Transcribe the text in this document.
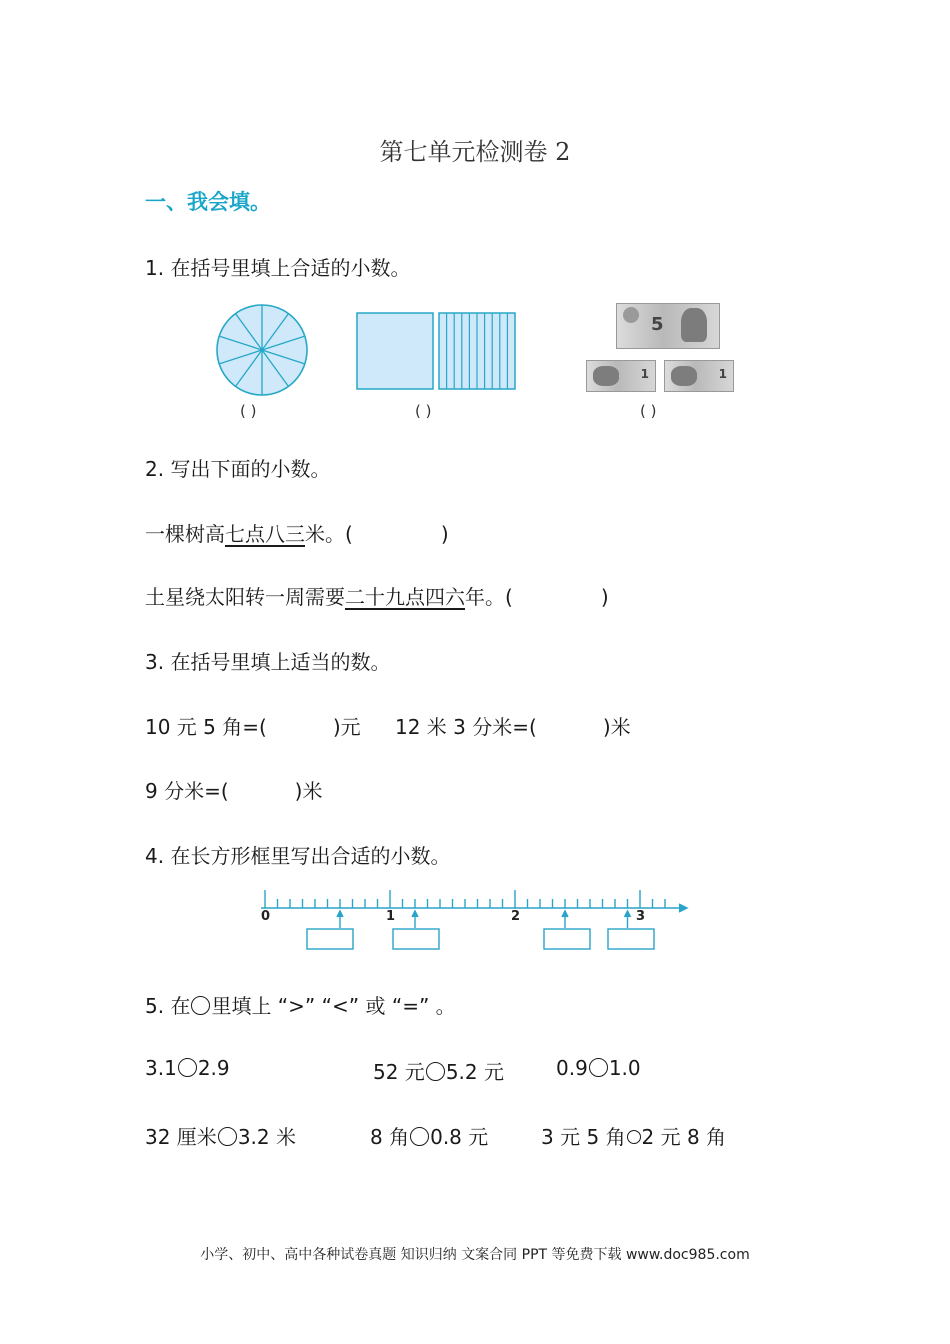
第七单元检测卷 2
一、我会填。
1. 在括号里填上合适的小数。
5
1	1
( )	( )	( )
2. 写出下面的小数。
一棵树高七点八三米。(	)
土星绕太阳转一周需要二十九点四六年。(	)
3. 在括号里填上适当的数。
10 元 5 角=(	)元 12 米 3 分米=(	)米
9 分米=(	)米
4. 在长方形框里写出合适的小数。
0	1	2	3
5. 在 里填上 “>” “<” 或 “=” 。
3.1 2.9	52 元 5.2 元	0.9 1.0
32 厘米 3.2 米	8 角 0.8 元	3 元 5 角 2 元 8 角
小学、初中、高中各种试卷真题 知识归纳 文案合同 PPT 等免费下载 www.doc985.com
